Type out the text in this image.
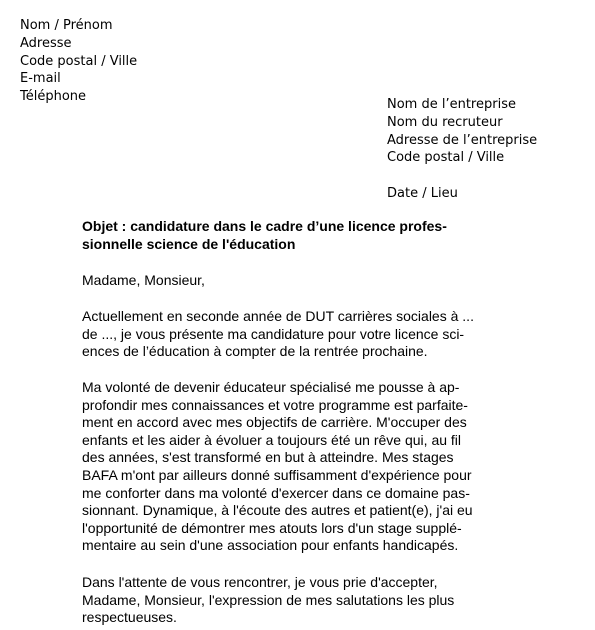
Nom / Prénom
Adresse
Code postal / Ville
E-mail
Téléphone
Nom de l’entreprise
Nom du recruteur
Adresse de l’entreprise
Code postal / Ville
Date / Lieu
Objet : candidature dans le cadre d’une licence profes-
sionnelle science de l'éducation
Madame, Monsieur,
Actuellement en seconde année de DUT carrières sociales à ...
de ..., je vous présente ma candidature pour votre licence sci-
ences de l’éducation à compter de la rentrée prochaine.
Ma volonté de devenir éducateur spécialisé me pousse à ap-
profondir mes connaissances et votre programme est parfaite-
ment en accord avec mes objectifs de carrière. M'occuper des
enfants et les aider à évoluer a toujours été un rêve qui, au fil
des années, s'est transformé en but à atteindre. Mes stages
BAFA m'ont par ailleurs donné suffisamment d'expérience pour
me conforter dans ma volonté d'exercer dans ce domaine pas-
sionnant. Dynamique, à l'écoute des autres et patient(e), j'ai eu
l'opportunité de démontrer mes atouts lors d'un stage supplé-
mentaire au sein d'une association pour enfants handicapés.
Dans l'attente de vous rencontrer, je vous prie d'accepter,
Madame, Monsieur, l'expression de mes salutations les plus
respectueuses.
